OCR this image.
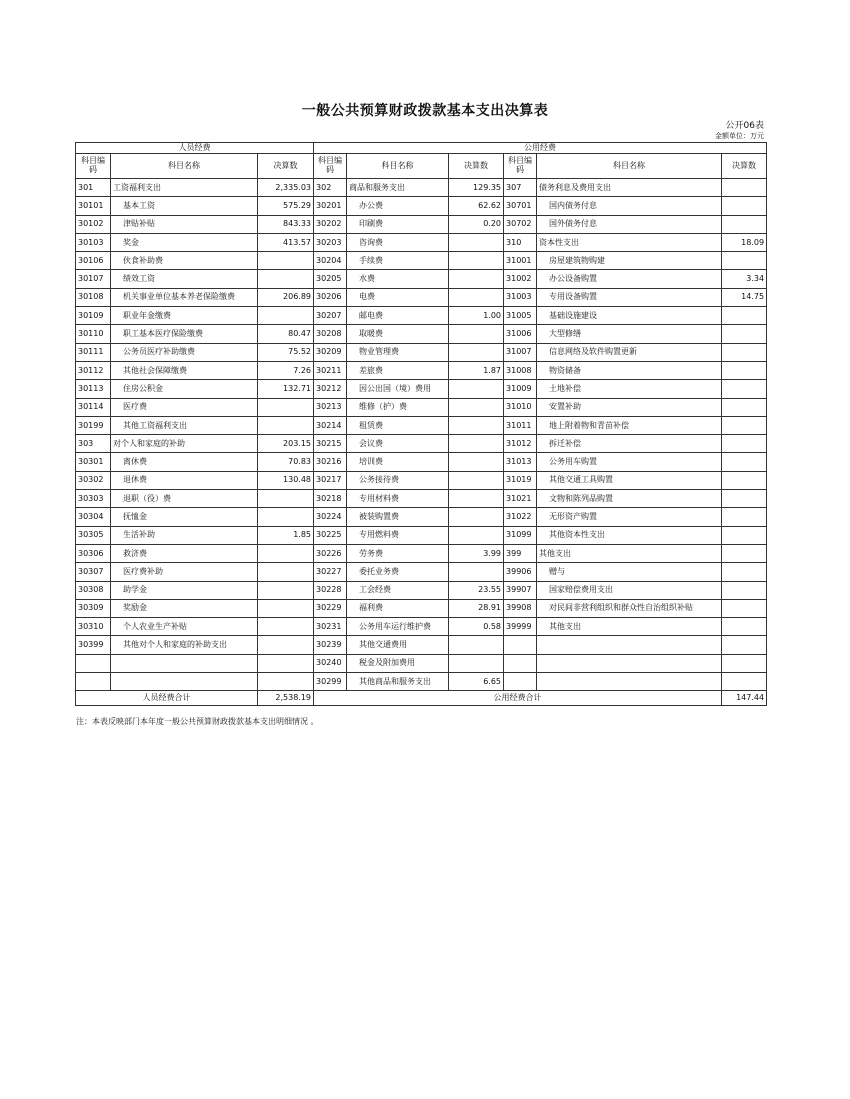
一般公共预算财政拨款基本支出决算表
公开06表
金额单位：万元
人员经费			公用经费					
科目编码	科目名称	决算数	科目编码	科目名称	决算数	科目编码	科目名称	决算数
301	工资福利支出	2,335.03	302	商品和服务支出	129.35	307	债务利息及费用支出	
30101	基本工资	575.29	30201	办公费	62.62	30701	国内债务付息	
30102	津贴补贴	843.33	30202	印刷费	0.20	30702	国外债务付息	
30103	奖金	413.57	30203	咨询费		310	资本性支出	18.09
30106	伙食补助费		30204	手续费		31001	房屋建筑物购建	
30107	绩效工资		30205	水费		31002	办公设备购置	3.34
30108	机关事业单位基本养老保险缴费	206.89	30206	电费		31003	专用设备购置	14.75
30109	职业年金缴费		30207	邮电费	1.00	31005	基础设施建设	
30110	职工基本医疗保险缴费	80.47	30208	取暖费		31006	大型修缮	
30111	公务员医疗补助缴费	75.52	30209	物业管理费		31007	信息网络及软件购置更新	
30112	其他社会保障缴费	7.26	30211	差旅费	1.87	31008	物资储备	
30113	住房公积金	132.71	30212	因公出国（境）费用		31009	土地补偿	
30114	医疗费		30213	维修（护）费		31010	安置补助	
30199	其他工资福利支出		30214	租赁费		31011	地上附着物和青苗补偿	
303	对个人和家庭的补助	203.15	30215	会议费		31012	拆迁补偿	
30301	离休费	70.83	30216	培训费		31013	公务用车购置	
30302	退休费	130.48	30217	公务接待费		31019	其他交通工具购置	
30303	退职（役）费		30218	专用材料费		31021	文物和陈列品购置	
30304	抚恤金		30224	被装购置费		31022	无形资产购置	
30305	生活补助	1.85	30225	专用燃料费		31099	其他资本性支出	
30306	救济费		30226	劳务费	3.99	399	其他支出	
30307	医疗费补助		30227	委托业务费		39906	赠与	
30308	助学金		30228	工会经费	23.55	39907	国家赔偿费用支出	
30309	奖励金		30229	福利费	28.91	39908	对民间非营利组织和群众性自治组织补贴	
30310	个人农业生产补贴		30231	公务用车运行维护费	0.58	39999	其他支出	
30399	其他对个人和家庭的补助支出		30239	其他交通费用				
			30240	税金及附加费用				
			30299	其他商品和服务支出	6.65			
人员经费合计		2,538.19	公用经费合计					147.44
注：本表反映部门本年度一般公共预算财政拨款基本支出明细情况 。
